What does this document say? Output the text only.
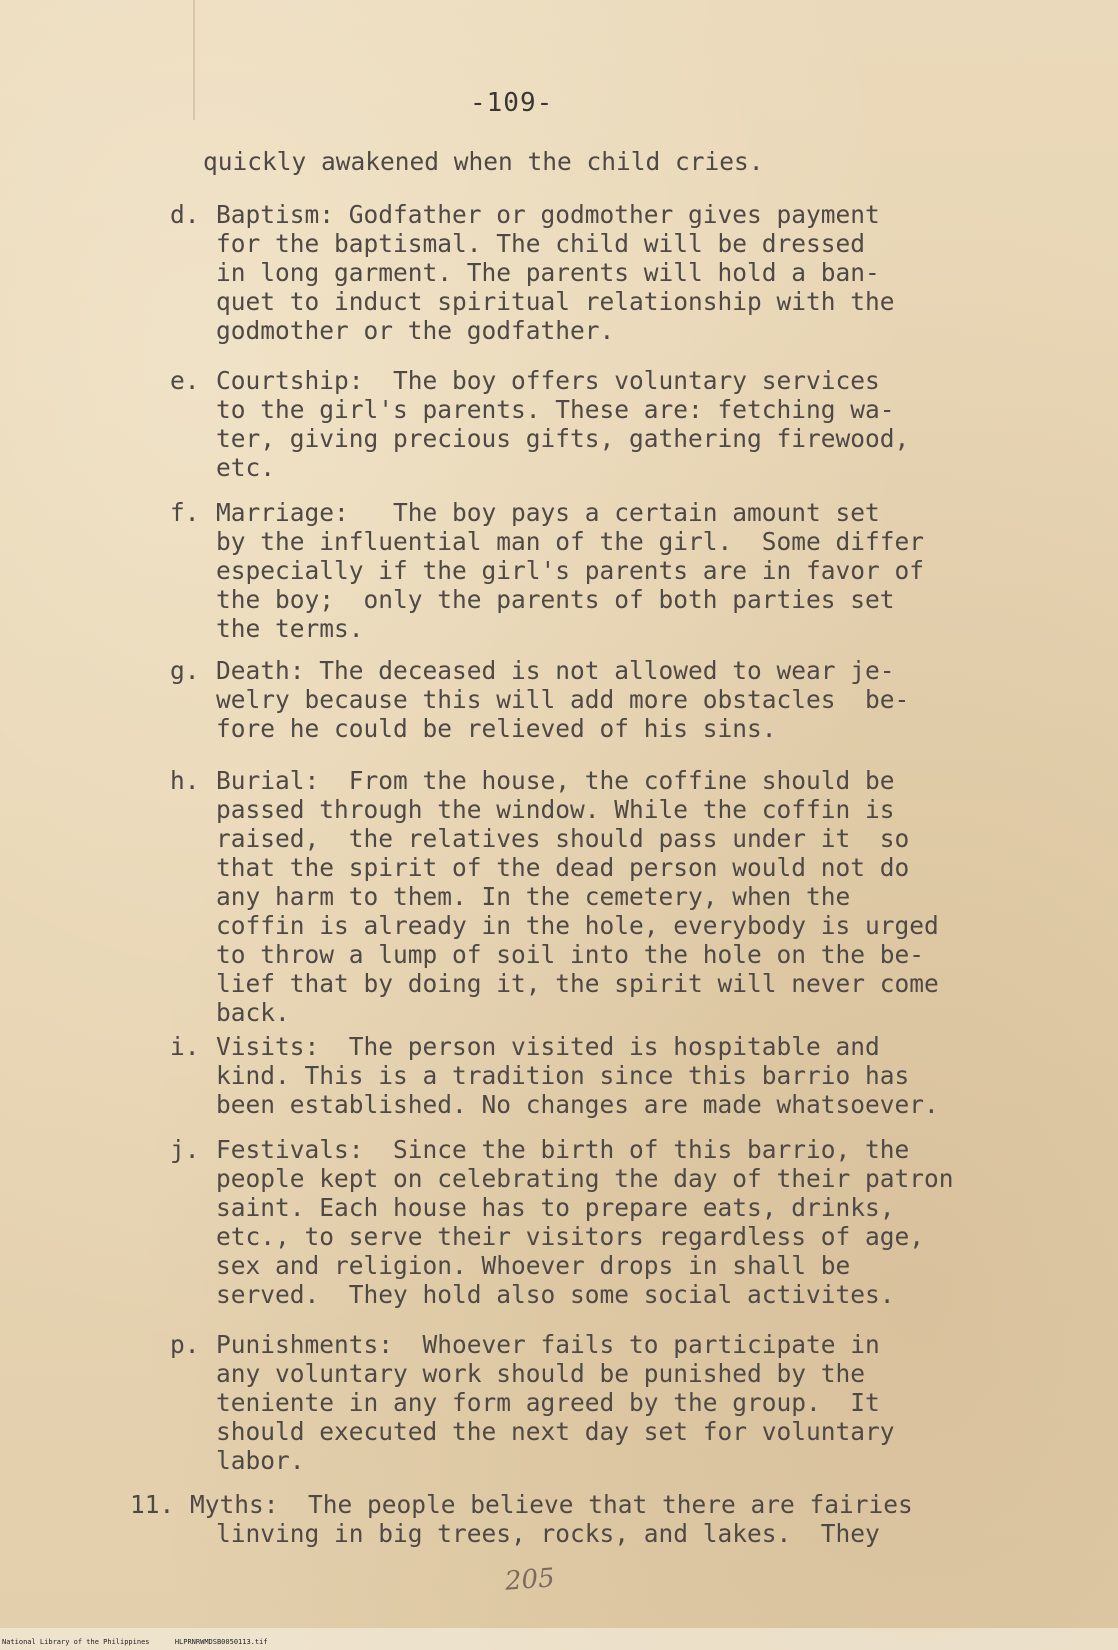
-109-
quickly awakened when the child cries.
d. Baptism: Godfather or godmother gives payment
for the baptismal. The child will be dressed
in long garment. The parents will hold a ban-
quet to induct spiritual relationship with the
godmother or the godfather.
e. Courtship:  The boy offers voluntary services
to the girl's parents. These are: fetching wa-
ter, giving precious gifts, gathering firewood,
etc.
f. Marriage:   The boy pays a certain amount set
by the influential man of the girl.  Some differ
especially if the girl's parents are in favor of
the boy;  only the parents of both parties set
the terms.
g. Death: The deceased is not allowed to wear je-
welry because this will add more obstacles  be-
fore he could be relieved of his sins.
h. Burial:  From the house, the coffine should be
passed through the window. While the coffin is
raised,  the relatives should pass under it  so
that the spirit of the dead person would not do
any harm to them. In the cemetery, when the
coffin is already in the hole, everybody is urged
to throw a lump of soil into the hole on the be-
lief that by doing it, the spirit will never come
back.
i. Visits:  The person visited is hospitable and
kind. This is a tradition since this barrio has
been established. No changes are made whatsoever.
j. Festivals:  Since the birth of this barrio, the
people kept on celebrating the day of their patron
saint. Each house has to prepare eats, drinks,
etc., to serve their visitors regardless of age,
sex and religion. Whoever drops in shall be
served.  They hold also some social activites.
p. Punishments:  Whoever fails to participate in
any voluntary work should be punished by the
teniente in any form agreed by the group.  It
should executed the next day set for voluntary
labor.
11. Myths:  The people believe that there are fairies
linving in big trees, rocks, and lakes.  They
205
National Library of the Philippines	HLPRNRWMDSB0050113.tif
